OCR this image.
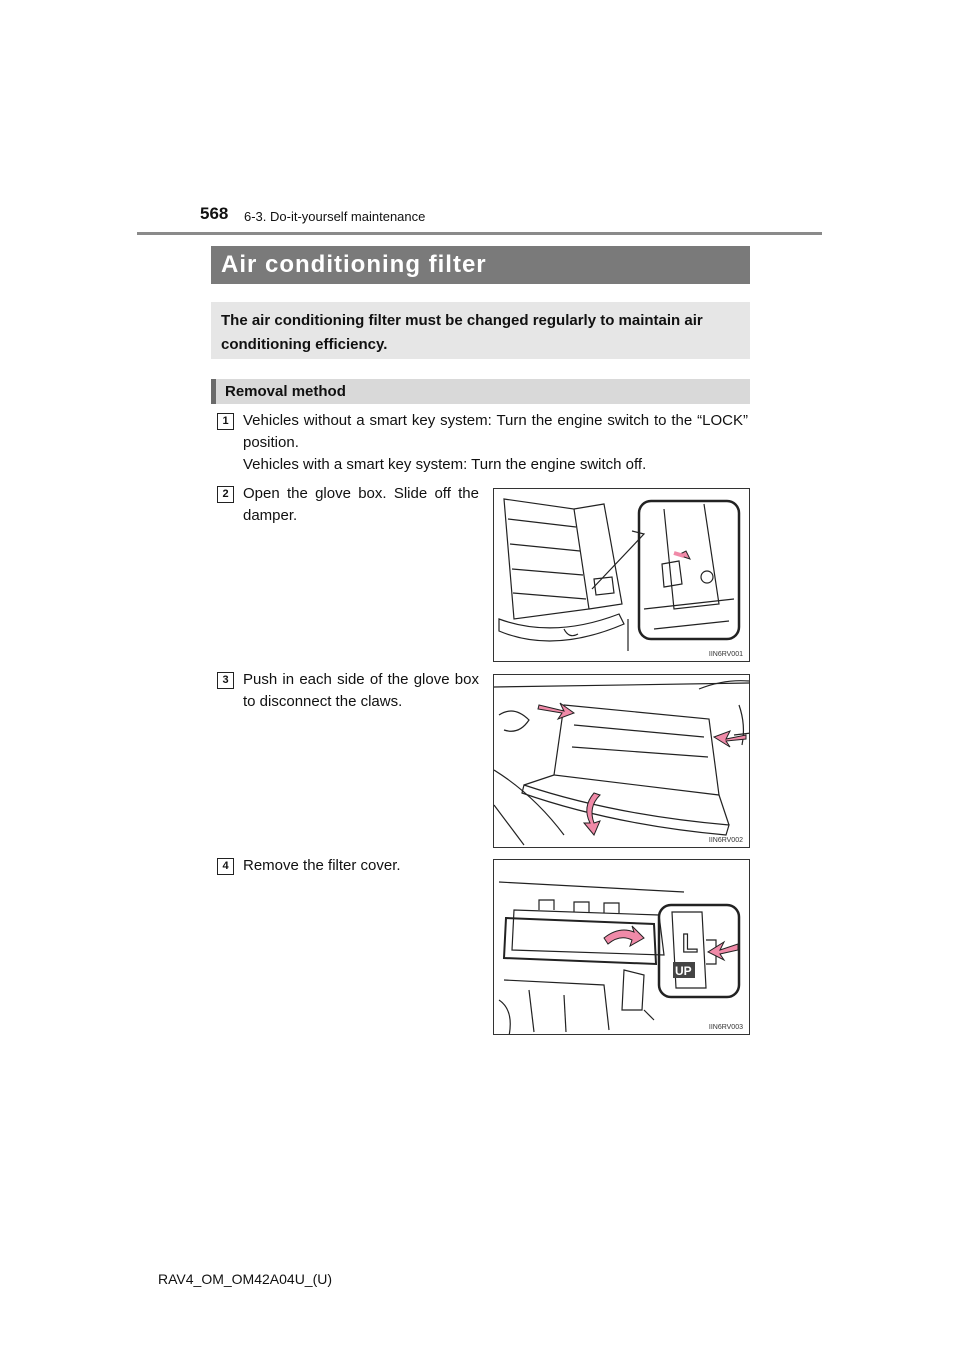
568 6-3. Do-it-yourself maintenance
Air conditioning filter
The air conditioning filter must be changed regularly to maintain air conditioning efficiency.
Removal method
1 Vehicles without a smart key system: Turn the engine switch to the “LOCK” position.

Vehicles with a smart key system: Turn the engine switch off.

2 Open the glove box. Slide off the damper.
IIN6RV001
3 Push in each side of the glove box to disconnect the claws.
IIN6RV002
4 Remove the filter cover.
L
UP
IIN6RV003
RAV4_OM_OM42A04U_(U)
